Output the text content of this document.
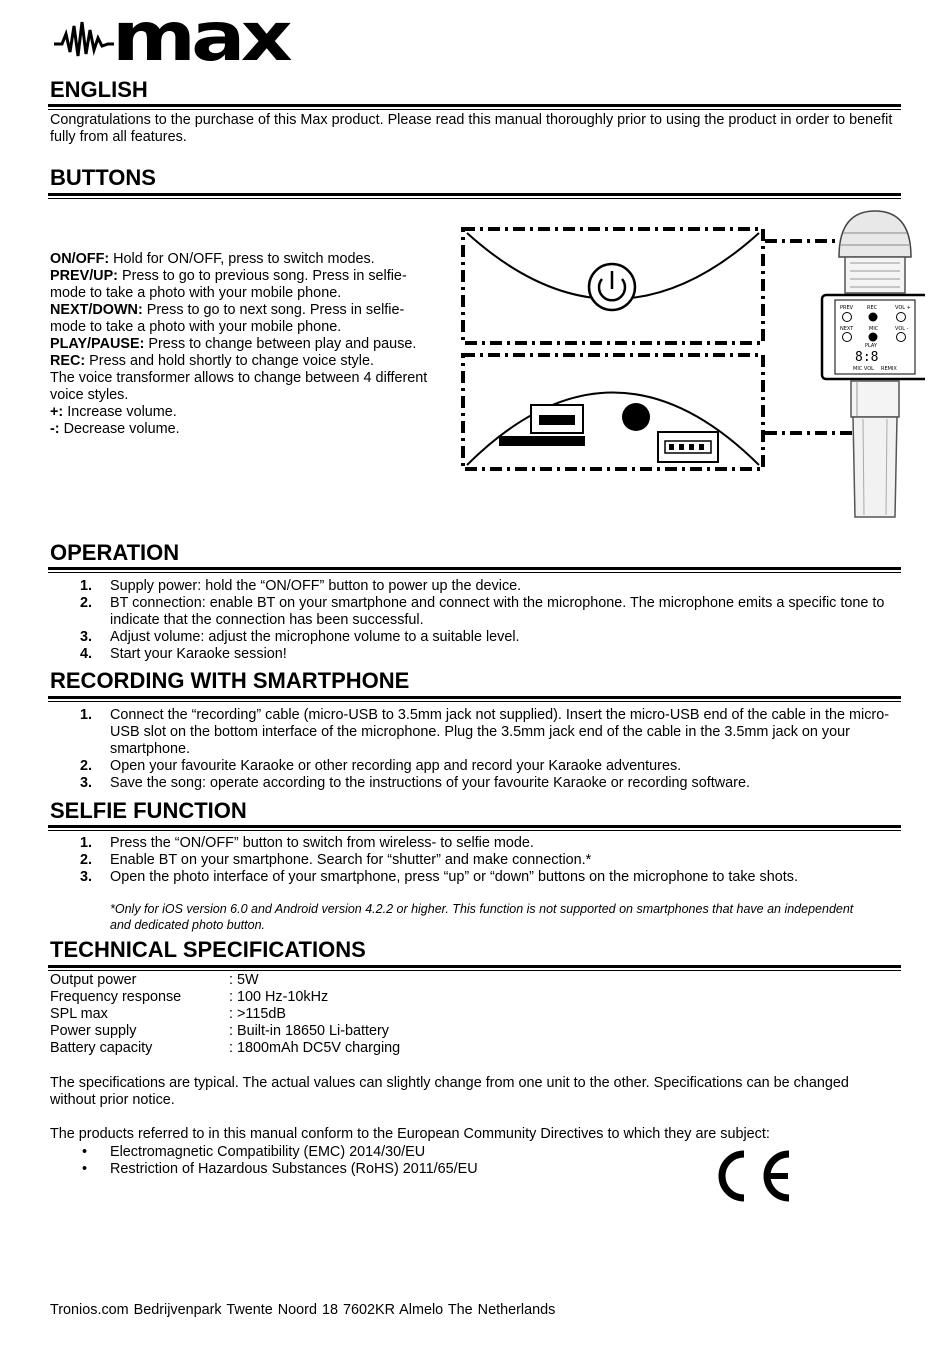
max
ENGLISH

Congratulations to the purchase of this Max product. Please read this manual thoroughly prior to using the product in order to benefit fully from all features.

BUTTONS
ON/OFF: Hold for ON/OFF, press to switch modes.
PREV/UP: Press to go to previous song. Press in selfie-mode to take a photo with your mobile phone.
NEXT/DOWN: Press to go to next song. Press in selfie-mode to take a photo with your mobile phone.
PLAY/PAUSE: Press to change between play and pause.
REC: Press and hold shortly to change voice style.
The voice transformer allows to change between 4 different voice styles.
+: Increase volume.
-: Decrease volume.
PREV	REC	VOL +
NEXT	MIC	VOL -
PLAY
8:8
MIC VOL REMIX
OPERATION
1. Supply power: hold the “ON/OFF” button to power up the device.
2. BT connection: enable BT on your smartphone and connect with the microphone. The microphone emits a specific tone to indicate that the connection has been successful.
3. Adjust volume: adjust the microphone volume to a suitable level.
4. Start your Karaoke session!
RECORDING WITH SMARTPHONE
1. Connect the “recording” cable (micro-USB to 3.5mm jack not supplied). Insert the micro-USB end of the cable in the micro-USB slot on the bottom interface of the microphone. Plug the 3.5mm jack end of the cable in the 3.5mm jack on your smartphone.
2. Open your favourite Karaoke or other recording app and record your Karaoke adventures.
3. Save the song: operate according to the instructions of your favourite Karaoke or recording software.
SELFIE FUNCTION
1. Press the “ON/OFF” button to switch from wireless- to selfie mode.
2. Enable BT on your smartphone. Search for “shutter” and make connection.*
3. Open the photo interface of your smartphone, press “up” or “down” buttons on the microphone to take shots.

*Only for iOS version 6.0 and Android version 4.2.2 or higher. This function is not supported on smartphones that have an independent and dedicated photo button.

TECHNICAL SPECIFICATIONS
Output power	: 5W
Frequency response	: 100 Hz-10kHz
SPL max	: >115dB
Power supply	: Built-in 18650 Li-battery
Battery capacity	: 1800mAh DC5V charging

The specifications are typical. The actual values can slightly change from one unit to the other. Specifications can be changed without prior notice.

The products referred to in this manual conform to the European Community Directives to which they are subject:

• Electromagnetic Compatibility (EMC) 2014/30/EU
• Restriction of Hazardous Substances (RoHS) 2011/65/EU
Tronios.com Bedrijvenpark Twente Noord 18 7602KR Almelo The Netherlands
